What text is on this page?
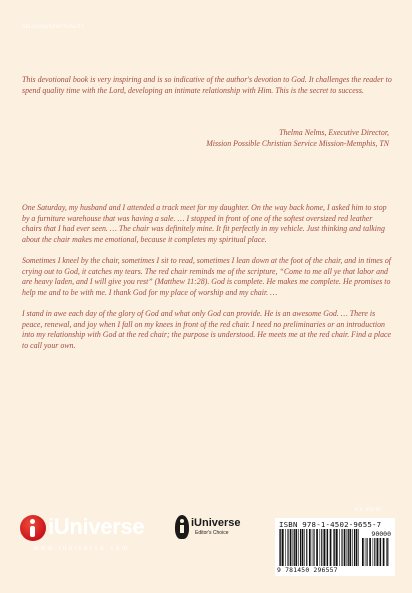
RELIGION/SPIRITUALITY
This devotional book is very inspiring and is so indicative of the author's devotion to God. It challenges the reader to spend quality time with the Lord, developing an intimate relationship with Him. This is the secret to success.
Thelma Nelms, Executive Director,
Mission Possible Christian Service Mission-Memphis, TN

One Saturday, my husband and I attended a track meet for my daughter. On the way back home, I asked him to stop by a furniture warehouse that was having a sale. … I stopped in front of one of the softest oversized red leather chairs that I had ever seen. … The chair was definitely mine. It fit perfectly in my vehicle. Just thinking and talking about the chair makes me emotional, because it completes my spiritual place.

Sometimes I kneel by the chair, sometimes I sit to read, sometimes I lean down at the foot of the chair, and in times of crying out to God, it catches my tears. The red chair reminds me of the scripture, “Come to me all ye that labor and are heavy laden, and I will give you rest” (Matthew 11:28). God is complete. He makes me complete. He promises to help me and to be with me. I thank God for my place of worship and my chair. …

I stand in awe each day of the glory of God and what only God can provide. He is an awesome God. … There is peace, renewal, and joy when I fall on my knees in front of the red chair. I need no preliminaries or an introduction into my relationship with God at the red chair; the purpose is understood. He meets me at the red chair. Find a place to call your own.

U.S. $16.95
iUniverse
www.iuniverse.com
iUniverse
Editor's Choice
ISBN 978-1-4502-9655-7
90000
9 781450 296557
